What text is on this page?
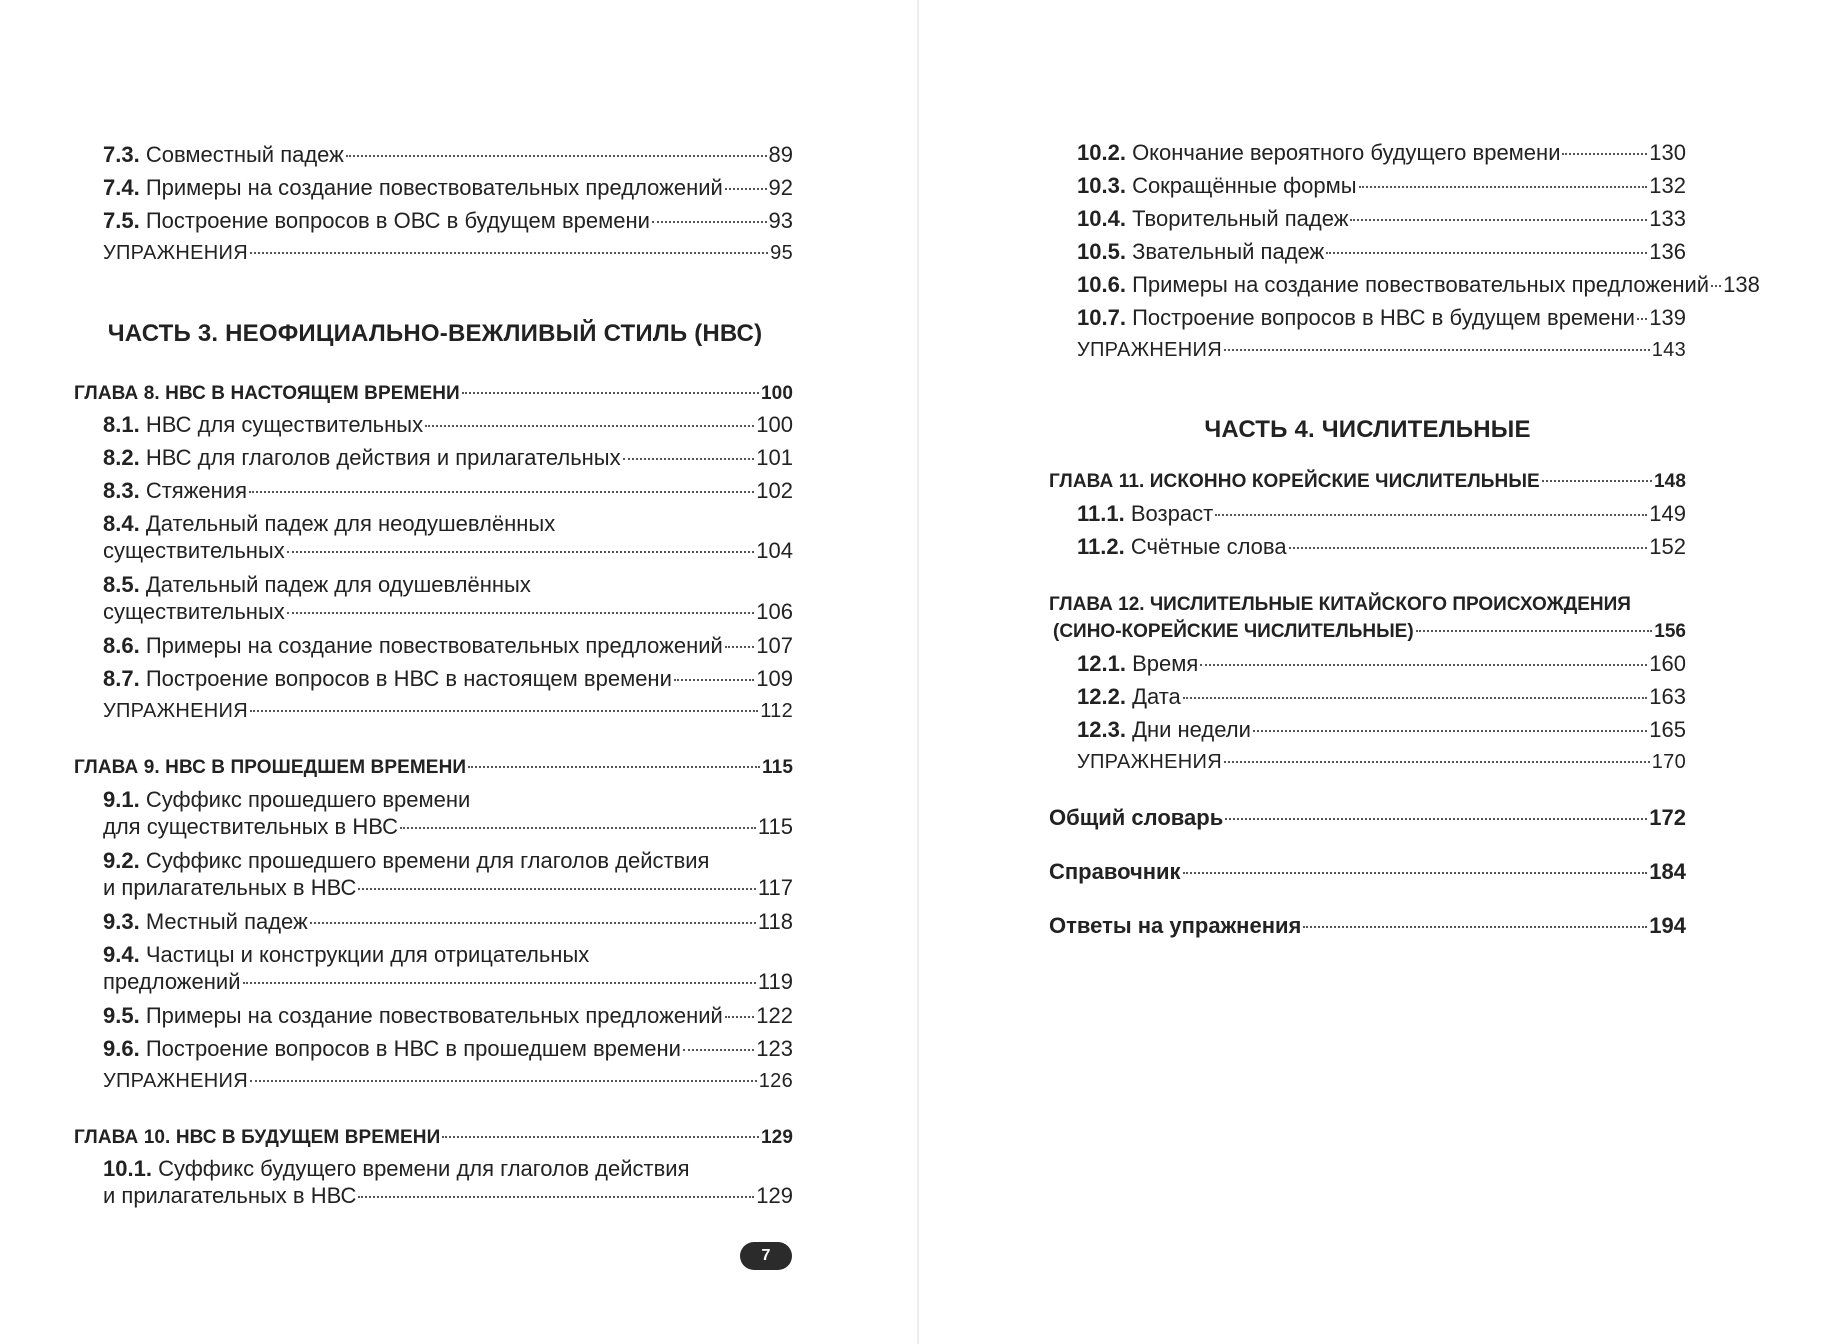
7.3. Совместный падеж	89
7.4. Примеры на создание повествовательных предложений 92
7.5. Построение вопросов в ОВС в будущем времени	93
УПРАЖНЕНИЯ	95
ЧАСТЬ 3. НЕОФИЦИАЛЬНО-ВЕЖЛИВЫЙ СТИЛЬ (НВС)
ГЛАВА 8. НВС В НАСТОЯЩЕМ ВРЕМЕНИ	100
8.1. НВС для существительных	100
8.2. НВС для глаголов действия и прилагательных	101
8.3. Стяжения	102
8.4. Дательный падеж для неодушевлённых
существительных	104
8.5. Дательный падеж для одушевлённых
существительных	106
8.6. Примеры на создание повествовательных предложений 107
8.7. Построение вопросов в НВС в настоящем времени	109
УПРАЖНЕНИЯ	112
ГЛАВА 9. НВС В ПРОШЕДШЕМ ВРЕМЕНИ	115
9.1. Суффикс прошедшего времени
для существительных в НВС	115
9.2. Суффикс прошедшего времени для глаголов действия
и прилагательных в НВС	117
9.3. Местный падеж	118
9.4. Частицы и конструкции для отрицательных
предложений	119
9.5. Примеры на создание повествовательных предложений 122
9.6. Построение вопросов в НВС в прошедшем времени	123
УПРАЖНЕНИЯ	126
ГЛАВА 10. НВС В БУДУЩЕМ ВРЕМЕНИ	129
10.1. Суффикс будущего времени для глаголов действия
и прилагательных в НВС	129
7
10.2. Окончание вероятного будущего времени	130
10.3. Сокращённые формы	132
10.4. Творительный падеж	133
10.5. Звательный падеж	136
10.6. Примеры на создание повествовательных предложений 138
10.7. Построение вопросов в НВС в будущем времени 139
УПРАЖНЕНИЯ	143
ЧАСТЬ 4. ЧИСЛИТЕЛЬНЫЕ
ГЛАВА 11. ИСКОННО КОРЕЙСКИЕ ЧИСЛИТЕЛЬНЫЕ	148
11.1. Возраст	149
11.2. Счётные слова	152
ГЛАВА 12. ЧИСЛИТЕЛЬНЫЕ КИТАЙСКОГО ПРОИСХОЖДЕНИЯ
(СИНО-КОРЕЙСКИЕ ЧИСЛИТЕЛЬНЫЕ)	156
12.1. Время	160
12.2. Дата	163
12.3. Дни недели	165
УПРАЖНЕНИЯ	170
Общий словарь	172
Справочник	184
Ответы на упражнения	194
